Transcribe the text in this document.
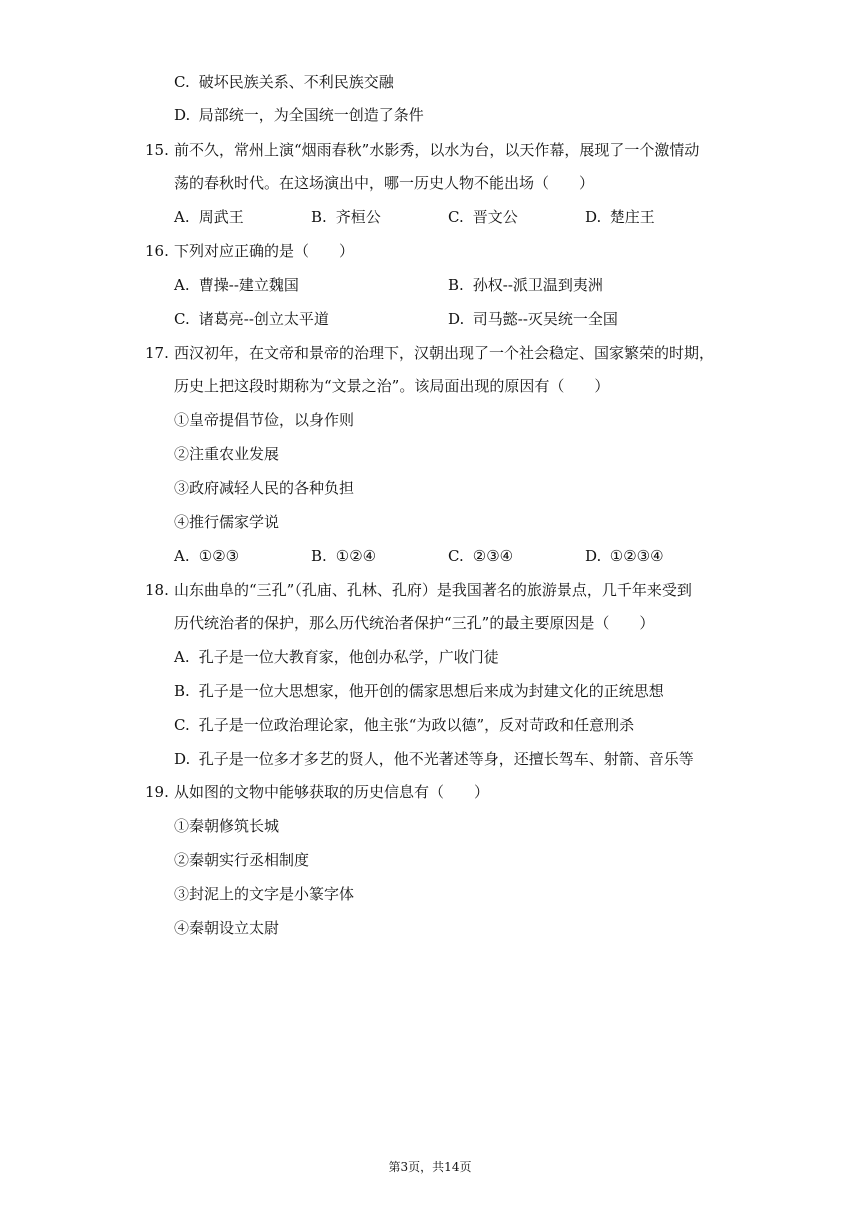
C. 破坏民族关系、不利民族交融
D. 局部统一，为全国统一创造了条件
15. 前不久，常州上演“烟雨春秋”水影秀，以水为台，以天作幕，展现了一个激情动
荡的春秋时代。在这场演出中，哪一历史人物不能出场（　　）
A. 周武王	B. 齐桓公	C. 晋文公	D. 楚庄王
16. 下列对应正确的是（　　）
A. 曹操--建立魏国	B. 孙权--派卫温到夷洲
C. 诸葛亮--创立太平道	D. 司马懿--灭吴统一全国
17. 西汉初年，在文帝和景帝的治理下，汉朝出现了一个社会稳定、国家繁荣的时期，
历史上把这段时期称为“文景之治”。该局面出现的原因有（　　）
①皇帝提倡节俭，以身作则
②注重农业发展
③政府减轻人民的各种负担
④推行儒家学说
A. ①②③	B. ①②④	C. ②③④	D. ①②③④
18. 山东曲阜的“三孔”（孔庙、孔林、孔府）是我国著名的旅游景点，几千年来受到
历代统治者的保护，那么历代统治者保护“三孔”的最主要原因是（　　）
A. 孔子是一位大教育家，他创办私学，广收门徒
B. 孔子是一位大思想家，他开创的儒家思想后来成为封建文化的正统思想
C. 孔子是一位政治理论家，他主张“为政以德”，反对苛政和任意刑杀
D. 孔子是一位多才多艺的贤人，他不光著述等身，还擅长驾车、射箭、音乐等
19. 从如图的文物中能够获取的历史信息有（　　）
①秦朝修筑长城
②秦朝实行丞相制度
③封泥上的文字是小篆字体
④秦朝设立太尉
第3页，共14页
